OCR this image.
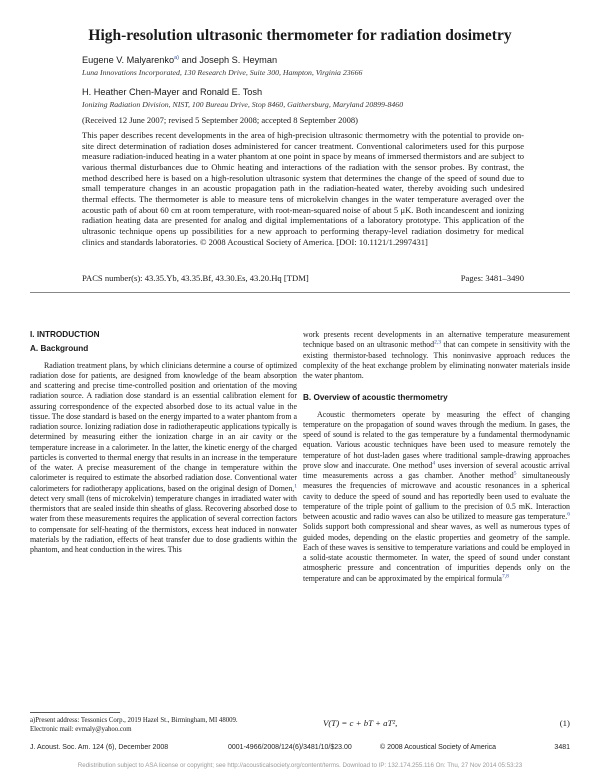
High-resolution ultrasonic thermometer for radiation dosimetry
Eugene V. Malyarenko$^{a)}$ and Joseph S. Heyman
Luna Innovations Incorporated, 130 Research Drive, Suite 300, Hampton, Virginia 23666
H. Heather Chen-Mayer and Ronald E. Tosh
Ionizing Radiation Division, NIST, 100 Bureau Drive, Stop 8460, Gaithersburg, Maryland 20899-8460
(Received 12 June 2007; revised 5 September 2008; accepted 8 September 2008)
This paper describes recent developments in the area of high-precision ultrasonic thermometry with the potential to provide on-site direct determination of radiation doses administered for cancer treatment. Conventional calorimeters used for this purpose measure radiation-induced heating in a water phantom at one point in space by means of immersed thermistors and are subject to various thermal disturbances due to Ohmic heating and interactions of the radiation with the sensor probes. By contrast, the method described here is based on a high-resolution ultrasonic system that determines the change of the speed of sound due to small temperature changes in an acoustic propagation path in the radiation-heated water, thereby avoiding such undesired thermal effects. The thermometer is able to measure tens of microkelvin changes in the water temperature averaged over the acoustic path of about 60 cm at room temperature, with root-mean-squared noise of about 5 μK. Both incandescent and ionizing radiation heating data are presented for analog and digital implementations of a laboratory prototype. This application of the ultrasonic technique opens up possibilities for a new approach to performing therapy-level radiation dosimetry for medical clinics and standards laboratories. © 2008 Acoustical Society of America. [DOI: 10.1121/1.2997431]
PACS number(s): 43.35.Yb, 43.35.Bf, 43.30.Es, 43.20.Hq [TDM]	Pages: 3481–3490
I. INTRODUCTION
A. Background

Radiation treatment plans, by which clinicians determine a course of optimized radiation dose for patients, are designed from knowledge of the beam absorption and scattering and precise time-controlled position and orientation of the moving radiation source. A radiation dose standard is an essential calibration element for assuring correspondence of the expected absorbed dose to its actual value in the tissue. The dose standard is based on the energy imparted to a water phantom from a radiation source. Ionizing radiation dose in radiotherapeutic applications typically is determined by measuring either the ionization charge in an air cavity or the temperature increase in a calorimeter. In the latter, the kinetic energy of the charged particles is converted to thermal energy that results in an increase in the temperature of the water. A precise measurement of the change in temperature within the calorimeter is required to estimate the absorbed radiation dose. Conventional water calorimeters for radiotherapy applications, based on the original design of Domen,$^1$ detect very small (tens of microkelvin) temperature changes in irradiated water with thermistors that are sealed inside thin sheaths of glass. Recovering absorbed dose to water from these measurements requires the application of several correction factors to compensate for self-heating of the thermistors, excess heat induced in nonwater materials by the radiation, effects of heat transfer due to dose gradients within the phantom, and heat conduction in the wires. This

work presents recent developments in an alternative temperature measurement technique based on an ultrasonic method$^{2,3}$ that can compete in sensitivity with the existing thermistor-based technology. This noninvasive approach reduces the complexity of the heat exchange problem by eliminating nonwater materials inside the water phantom.

B. Overview of acoustic thermometry

Acoustic thermometers operate by measuring the effect of changing temperature on the propagation of sound waves through the medium. In gases, the speed of sound is related to the gas temperature by a fundamental thermodynamic equation. Various acoustic techniques have been used to measure remotely the temperature of hot dust-laden gases where traditional sample-drawing approaches prove slow and inaccurate. One method$^4$ uses inversion of several acoustic arrival time measurements across a gas chamber. Another method$^5$ simultaneously measures the frequencies of microwave and acoustic resonances in a spherical cavity to deduce the speed of sound and has reportedly been used to evaluate the temperature of the triple point of gallium to the precision of 0.5 mK. Interaction between acoustic and radio waves can also be utilized to measure gas temperature.$^6$ Solids support both compressional and shear waves, as well as numerous types of guided modes, depending on the elastic properties and geometry of the sample. Each of these waves is sensitive to temperature variations and could be employed in a solid-state acoustic thermometer. In water, the speed of sound under constant atmospheric pressure and concentration of impurities depends only on the temperature and can be approximated by the empirical formula$^{7,8}$

V(T) = c + bT + aT²,	(1)
a)Present address: Tessonics Corp., 2019 Hazel St., Birmingham, MI 48009.
Electronic mail: evmaly@yahoo.com
J. Acoust. Soc. Am. 124 (6), December 2008	0001-4966/2008/124(6)/3481/10/$23.00	© 2008 Acoustical Society of America	3481
Redistribution subject to ASA license or copyright; see http://acousticalsociety.org/content/terms. Download to IP: 132.174.255.116 On: Thu, 27 Nov 2014 05:53:23
